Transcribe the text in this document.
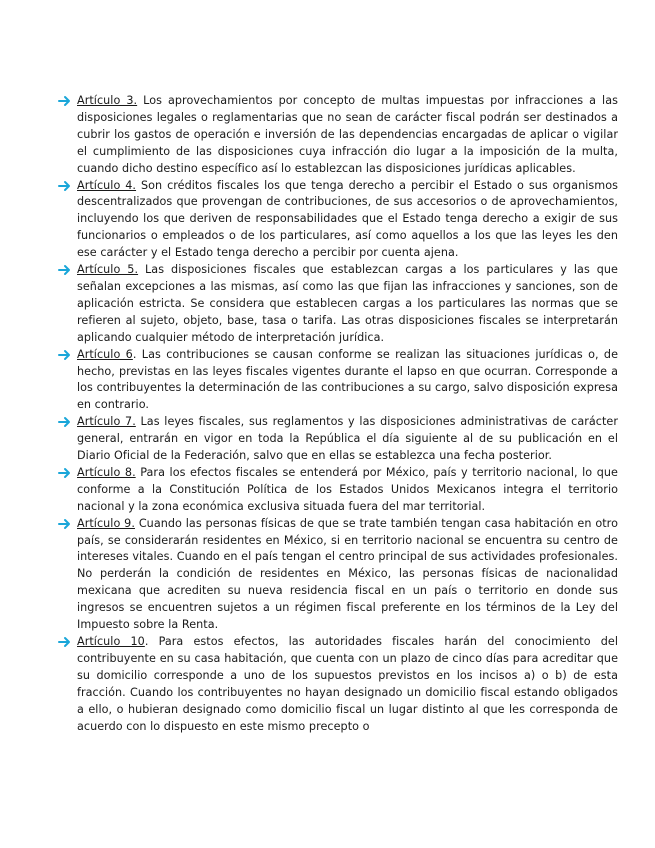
Artículo 3. Los aprovechamientos por concepto de multas impuestas por infracciones a las disposiciones legales o reglamentarias que no sean de carácter fiscal podrán ser destinados a cubrir los gastos de operación e inversión de las dependencias encargadas de aplicar o vigilar el cumplimiento de las disposiciones cuya infracción dio lugar a la imposición de la multa, cuando dicho destino específico así lo establezcan las disposiciones jurídicas aplicables.

Artículo 4. Son créditos fiscales los que tenga derecho a percibir el Estado o sus organismos descentralizados que provengan de contribuciones, de sus accesorios o de aprovechamientos, incluyendo los que deriven de responsabilidades que el Estado tenga derecho a exigir de sus funcionarios o empleados o de los particulares, así como aquellos a los que las leyes les den ese carácter y el Estado tenga derecho a percibir por cuenta ajena.

Artículo 5. Las disposiciones fiscales que establezcan cargas a los particulares y las que señalan excepciones a las mismas, así como las que fijan las infracciones y sanciones, son de aplicación estricta. Se considera que establecen cargas a los particulares las normas que se refieren al sujeto, objeto, base, tasa o tarifa. Las otras disposiciones fiscales se interpretarán aplicando cualquier método de interpretación jurídica.

Artículo 6. Las contribuciones se causan conforme se realizan las situaciones jurídicas o, de hecho, previstas en las leyes fiscales vigentes durante el lapso en que ocurran. Corresponde a los contribuyentes la determinación de las contribuciones a su cargo, salvo disposición expresa en contrario.

Artículo 7. Las leyes fiscales, sus reglamentos y las disposiciones administrativas de carácter general, entrarán en vigor en toda la República el día siguiente al de su publicación en el Diario Oficial de la Federación, salvo que en ellas se establezca una fecha posterior.

Artículo 8. Para los efectos fiscales se entenderá por México, país y territorio nacional, lo que conforme a la Constitución Política de los Estados Unidos Mexicanos integra el territorio nacional y la zona económica exclusiva situada fuera del mar territorial.

Artículo 9. Cuando las personas físicas de que se trate también tengan casa habitación en otro país, se considerarán residentes en México, si en territorio nacional se encuentra su centro de intereses vitales. Cuando en el país tengan el centro principal de sus actividades profesionales. No perderán la condición de residentes en México, las personas físicas de nacionalidad mexicana que acrediten su nueva residencia fiscal en un país o territorio en donde sus ingresos se encuentren sujetos a un régimen fiscal preferente en los términos de la Ley del Impuesto sobre la Renta.

Artículo 10. Para estos efectos, las autoridades fiscales harán del conocimiento del contribuyente en su casa habitación, que cuenta con un plazo de cinco días para acreditar que su domicilio corresponde a uno de los supuestos previstos en los incisos a) o b) de esta fracción. Cuando los contribuyentes no hayan designado un domicilio fiscal estando obligados a ello, o hubieran designado como domicilio fiscal un lugar distinto al que les corresponda de acuerdo con lo dispuesto en este mismo precepto o
